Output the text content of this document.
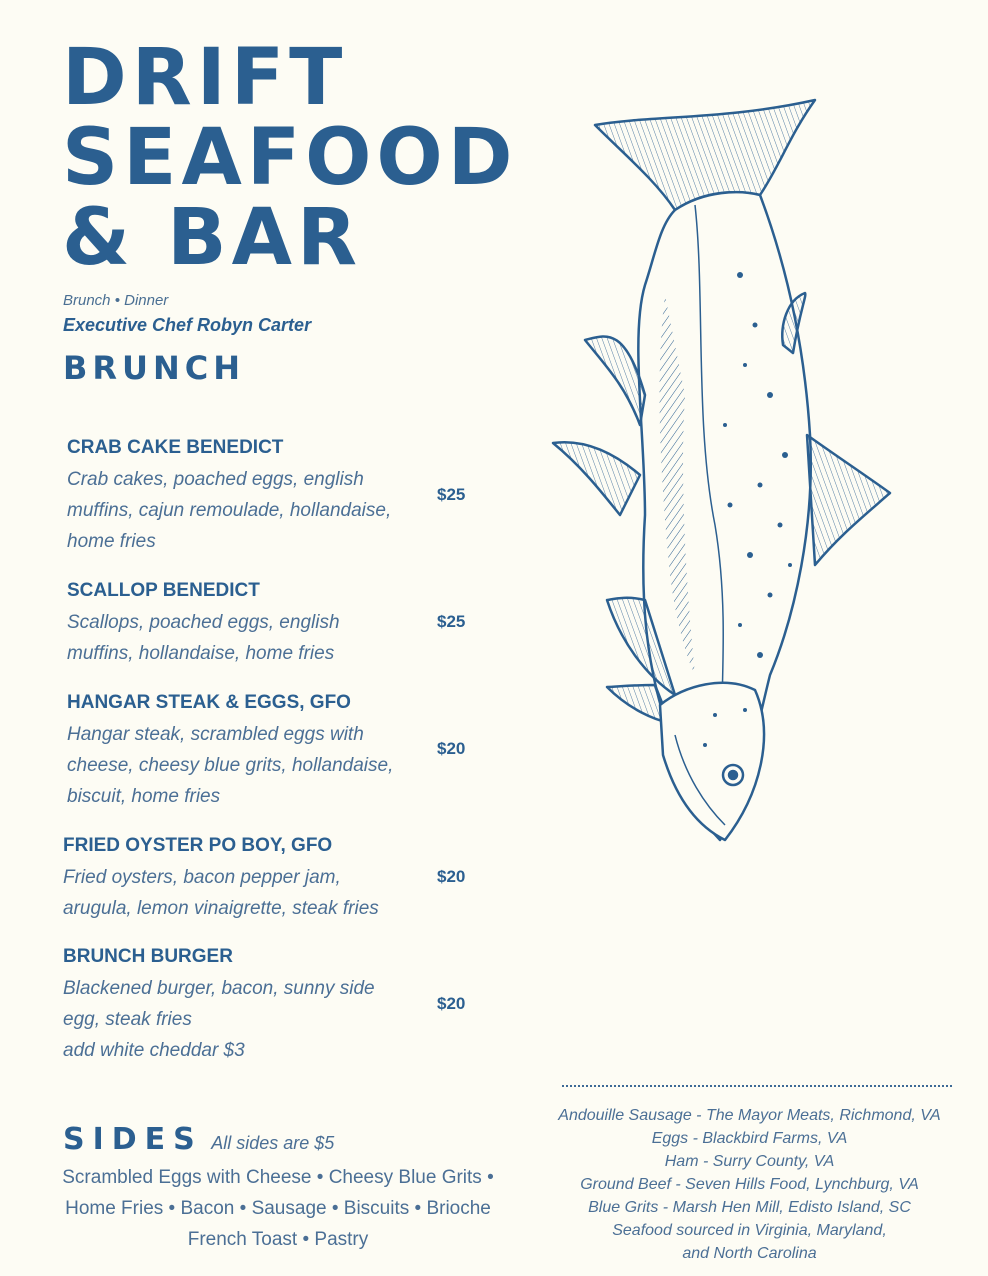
DRIFT
SEAFOOD
& BAR
Brunch • Dinner
Executive Chef Robyn Carter
BRUNCH
CRAB CAKE BENEDICT
Crab cakes, poached eggs, english muffins, cajun remoulade, hollandaise, home fries
$25
SCALLOP BENEDICT
Scallops, poached eggs, english muffins, hollandaise, home fries
$25
HANGAR STEAK & EGGS, GFO
Hangar steak, scrambled eggs with cheese, cheesy blue grits, hollandaise, biscuit, home fries
$20
FRIED OYSTER PO BOY, GFO
Fried oysters, bacon pepper jam, arugula, lemon vinaigrette, steak fries
$20
BRUNCH BURGER
Blackened burger, bacon, sunny side egg, steak fries
add white cheddar $3
$20
SIDES All sides are $5
Scrambled Eggs with Cheese • Cheesy Blue Grits • Home Fries • Bacon • Sausage • Biscuits • Brioche French Toast • Pastry
Andouille Sausage - The Mayor Meats, Richmond, VA
Eggs - Blackbird Farms, VA
Ham - Surry County, VA
Ground Beef - Seven Hills Food, Lynchburg, VA
Blue Grits - Marsh Hen Mill, Edisto Island, SC
Seafood sourced in Virginia, Maryland,
and North Carolina
